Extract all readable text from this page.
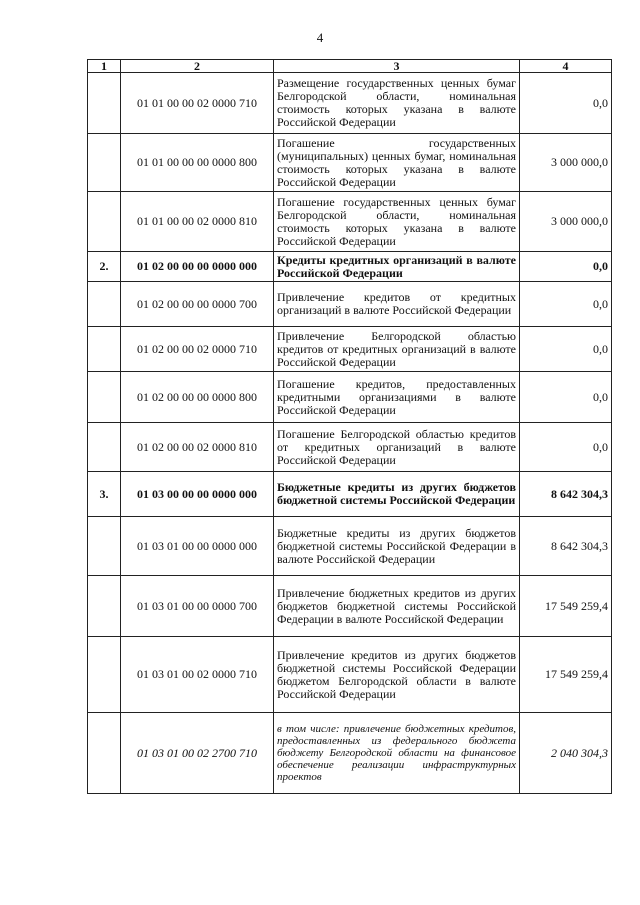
4
1	2	3	4
	01 01 00 00 02 0000 710	Размещение государственных ценных бумаг Белгородской области, номинальная стоимость которых указана в валюте Российской Федерации	0,0
	01 01 00 00 00 0000 800	Погашение государственных (муниципальных) ценных бумаг, номинальная стоимость которых указана в валюте Российской Федерации	3 000 000,0
	01 01 00 00 02 0000 810	Погашение государственных ценных бумаг Белгородской области, номинальная стоимость которых указана в валюте Российской Федерации	3 000 000,0
2.	01 02 00 00 00 0000 000	Кредиты кредитных организаций в валюте Российской Федерации	0,0
	01 02 00 00 00 0000 700	Привлечение кредитов от кредитных организаций в валюте Российской Федерации	0,0
	01 02 00 00 02 0000 710	Привлечение Белгородской областью кредитов от кредитных организаций в валюте Российской Федерации	0,0
	01 02 00 00 00 0000 800	Погашение кредитов, предоставленных кредитными организациями в валюте Российской Федерации	0,0
	01 02 00 00 02 0000 810	Погашение Белгородской областью кредитов от кредитных организаций в валюте Российской Федерации	0,0
3.	01 03 00 00 00 0000 000	Бюджетные кредиты из других бюджетов бюджетной системы Российской Федерации	8 642 304,3
	01 03 01 00 00 0000 000	Бюджетные кредиты из других бюджетов бюджетной системы Российской Федерации в валюте Российской Федерации	8 642 304,3
	01 03 01 00 00 0000 700	Привлечение бюджетных кредитов из других бюджетов бюджетной системы Российской Федерации в валюте Российской Федерации	17 549 259,4
	01 03 01 00 02 0000 710	Привлечение кредитов из других бюджетов бюджетной системы Российской Федерации бюджетом Белгородской области в валюте Российской Федерации	17 549 259,4
	01 03 01 00 02 2700 710	в том числе: привлечение бюджетных кредитов, предоставленных из федерального бюджета бюджету Белгородской области на финансовое обеспечение реализации инфраструктурных проектов	2 040 304,3
